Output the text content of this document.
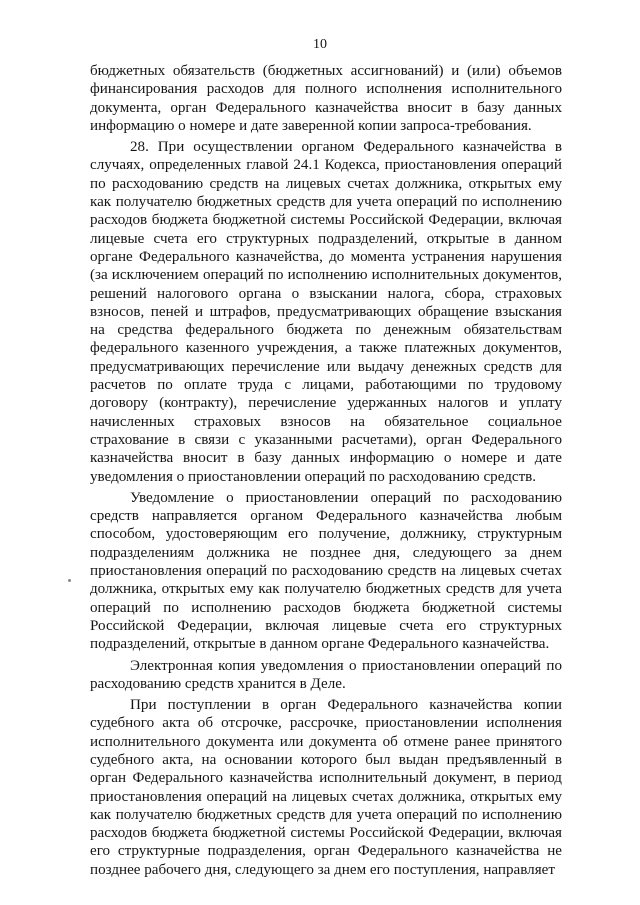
10

бюджетных обязательств (бюджетных ассигнований) и (или) объемов финансирования расходов для полного исполнения исполнительного документа, орган Федерального казначейства вносит в базу данных информацию о номере и дате заверенной копии запроса-требования.

28. При осуществлении органом Федерального казначейства в случаях, определенных главой 24.1 Кодекса, приостановления операций по расходованию средств на лицевых счетах должника, открытых ему как получателю бюджетных средств для учета операций по исполнению расходов бюджета бюджетной системы Российской Федерации, включая лицевые счета его структурных подразделений, открытые в данном органе Федерального казначейства, до момента устранения нарушения (за исключением операций по исполнению исполнительных документов, решений налогового органа о взыскании налога, сбора, страховых взносов, пеней и штрафов, предусматривающих обращение взыскания на средства федерального бюджета по денежным обязательствам федерального казенного учреждения, а также платежных документов, предусматривающих перечисление или выдачу денежных средств для расчетов по оплате труда с лицами, работающими по трудовому договору (контракту), перечисление удержанных налогов и уплату начисленных страховых взносов на обязательное социальное страхование в связи с указанными расчетами), орган Федерального казначейства вносит в базу данных информацию о номере и дате уведомления о приостановлении операций по расходованию средств.

Уведомление о приостановлении операций по расходованию средств направляется органом Федерального казначейства любым способом, удостоверяющим его получение, должнику, структурным подразделениям должника не позднее дня, следующего за днем приостановления операций по расходованию средств на лицевых счетах должника, открытых ему как получателю бюджетных средств для учета операций по исполнению расходов бюджета бюджетной системы Российской Федерации, включая лицевые счета его структурных подразделений, открытые в данном органе Федерального казначейства.

Электронная копия уведомления о приостановлении операций по расходованию средств хранится в Деле.

При поступлении в орган Федерального казначейства копии судебного акта об отсрочке, рассрочке, приостановлении исполнения исполнительного документа или документа об отмене ранее принятого судебного акта, на основании которого был выдан предъявленный в орган Федерального казначейства исполнительный документ, в период приостановления операций на лицевых счетах должника, открытых ему как получателю бюджетных средств для учета операций по исполнению расходов бюджета бюджетной системы Российской Федерации, включая его структурные подразделения, орган Федерального казначейства не позднее рабочего дня, следующего за днем его поступления, направляет
